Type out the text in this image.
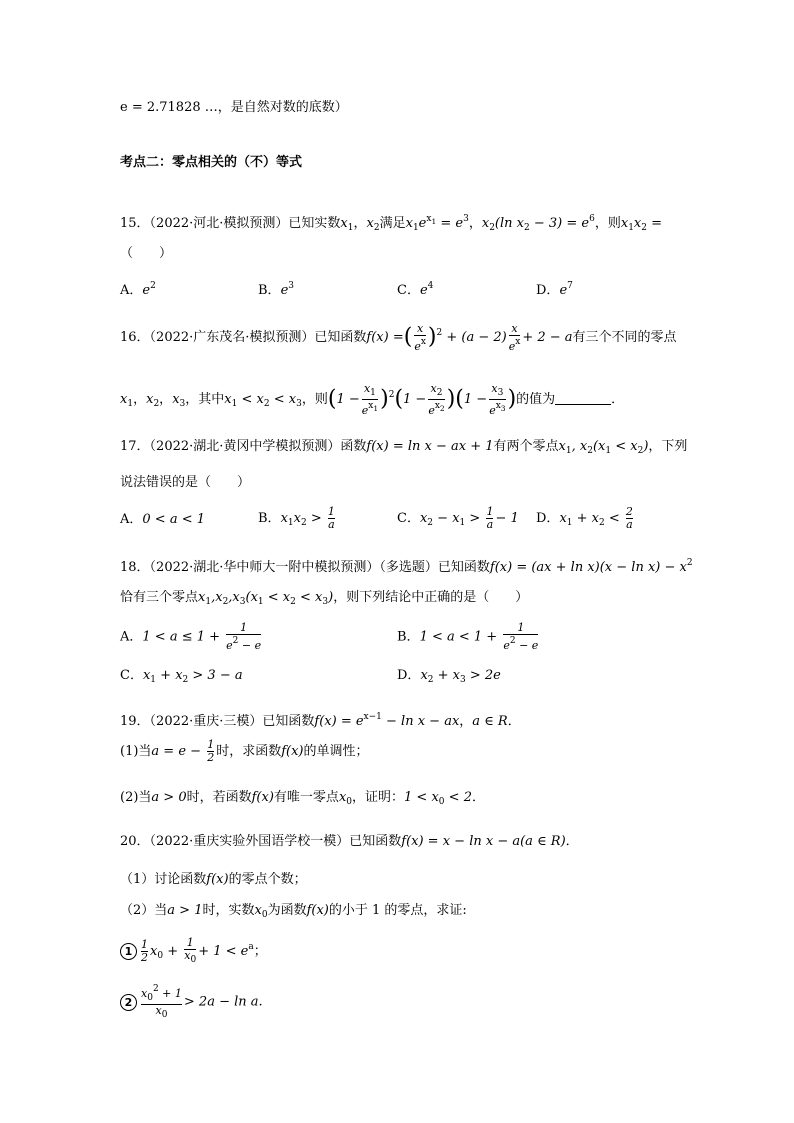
e = 2.71828 …，是自然对数的底数）
考点二：零点相关的（不）等式
15．（2022·河北·模拟预测）已知实数$x_1$，$x_2$满足$x_1e^{x_1} = e^3$，$x_2(\ln$ $x_2 - 3) = e^6$，则$x_1x_2$ =
（　　）
A．$e^2$	B．$e^3$	C．$e^4$	D．$e^7$
16．（2022·广东茂名·模拟预测）已知函数f(x) =( $\frac{x}{e^x} )^2 + (a - 2) \frac{x}{e^x} + 2 - a$有三个不同的零点
$x_1$，$x_2$，$x_3$，其中$x_1 < x_2 < x_3$，则$(1 - \frac{x_1}{e^{x_1}} )^2(1 - \frac{x_2}{e^{x_2}} )(1 - \frac{x_3}{e^{x_3}}$ )的值为	．
17．（2022·湖北·黄冈中学模拟预测）函数f(x) = ln x − ax + 1有两个零点$x_1$, $x_2(x_1 < x_2)$，下列
说法错误的是（　　）
A．0 < a < 1	B．$x_1x_2 > \frac{1}{a}$	C．$x_2 - x_1 > \frac{1}{a} - 1$ D．$x_1 + x_2 < \frac{2}{a}$
18．（2022·湖北·华中师大一附中模拟预测）（多选题）已知函数$f(x) = (ax + \ln x)(x - \ln x) - x^2$
恰有三个零点$x_1,x_2,x_3(x_1 < x_2 < x_3)$，则下列结论中正确的是（　　）
A．$1 < a \le 1 + \frac{1}{e^2 - e}$	B．$1 < a < 1 + \frac{1}{e^2 - e}$
C．$x_1 + x_2 > 3 - a$	D．$x_2 + x_3 > 2e$
19．（2022·重庆·三模）已知函数$f(x) = e^{x-1} - \ln x$ − ax，a ∈ R．
(1)当$a = e - \frac{1}{2}$ 时，求函数f(x)的单调性；
(2)当a > 0时，若函数f(x)有唯一零点$x_0$，证明：$1 < x_0 < 2$．
20．（2022·重庆实验外国语学校一模）已知函数f(x) = x − ln x − a(a ∈ R)．
（1）讨论函数f(x)的零点个数；
（2）当a > 1时，实数$x_0$为函数f(x)的小于 1 的零点，求证:
$1 \frac{1}{2} x_0 + \frac{1}{x_0} + 1 < e^a$；
$2 \frac{x_0^2 + 1}{x_0} > 2a - \ln a$.
